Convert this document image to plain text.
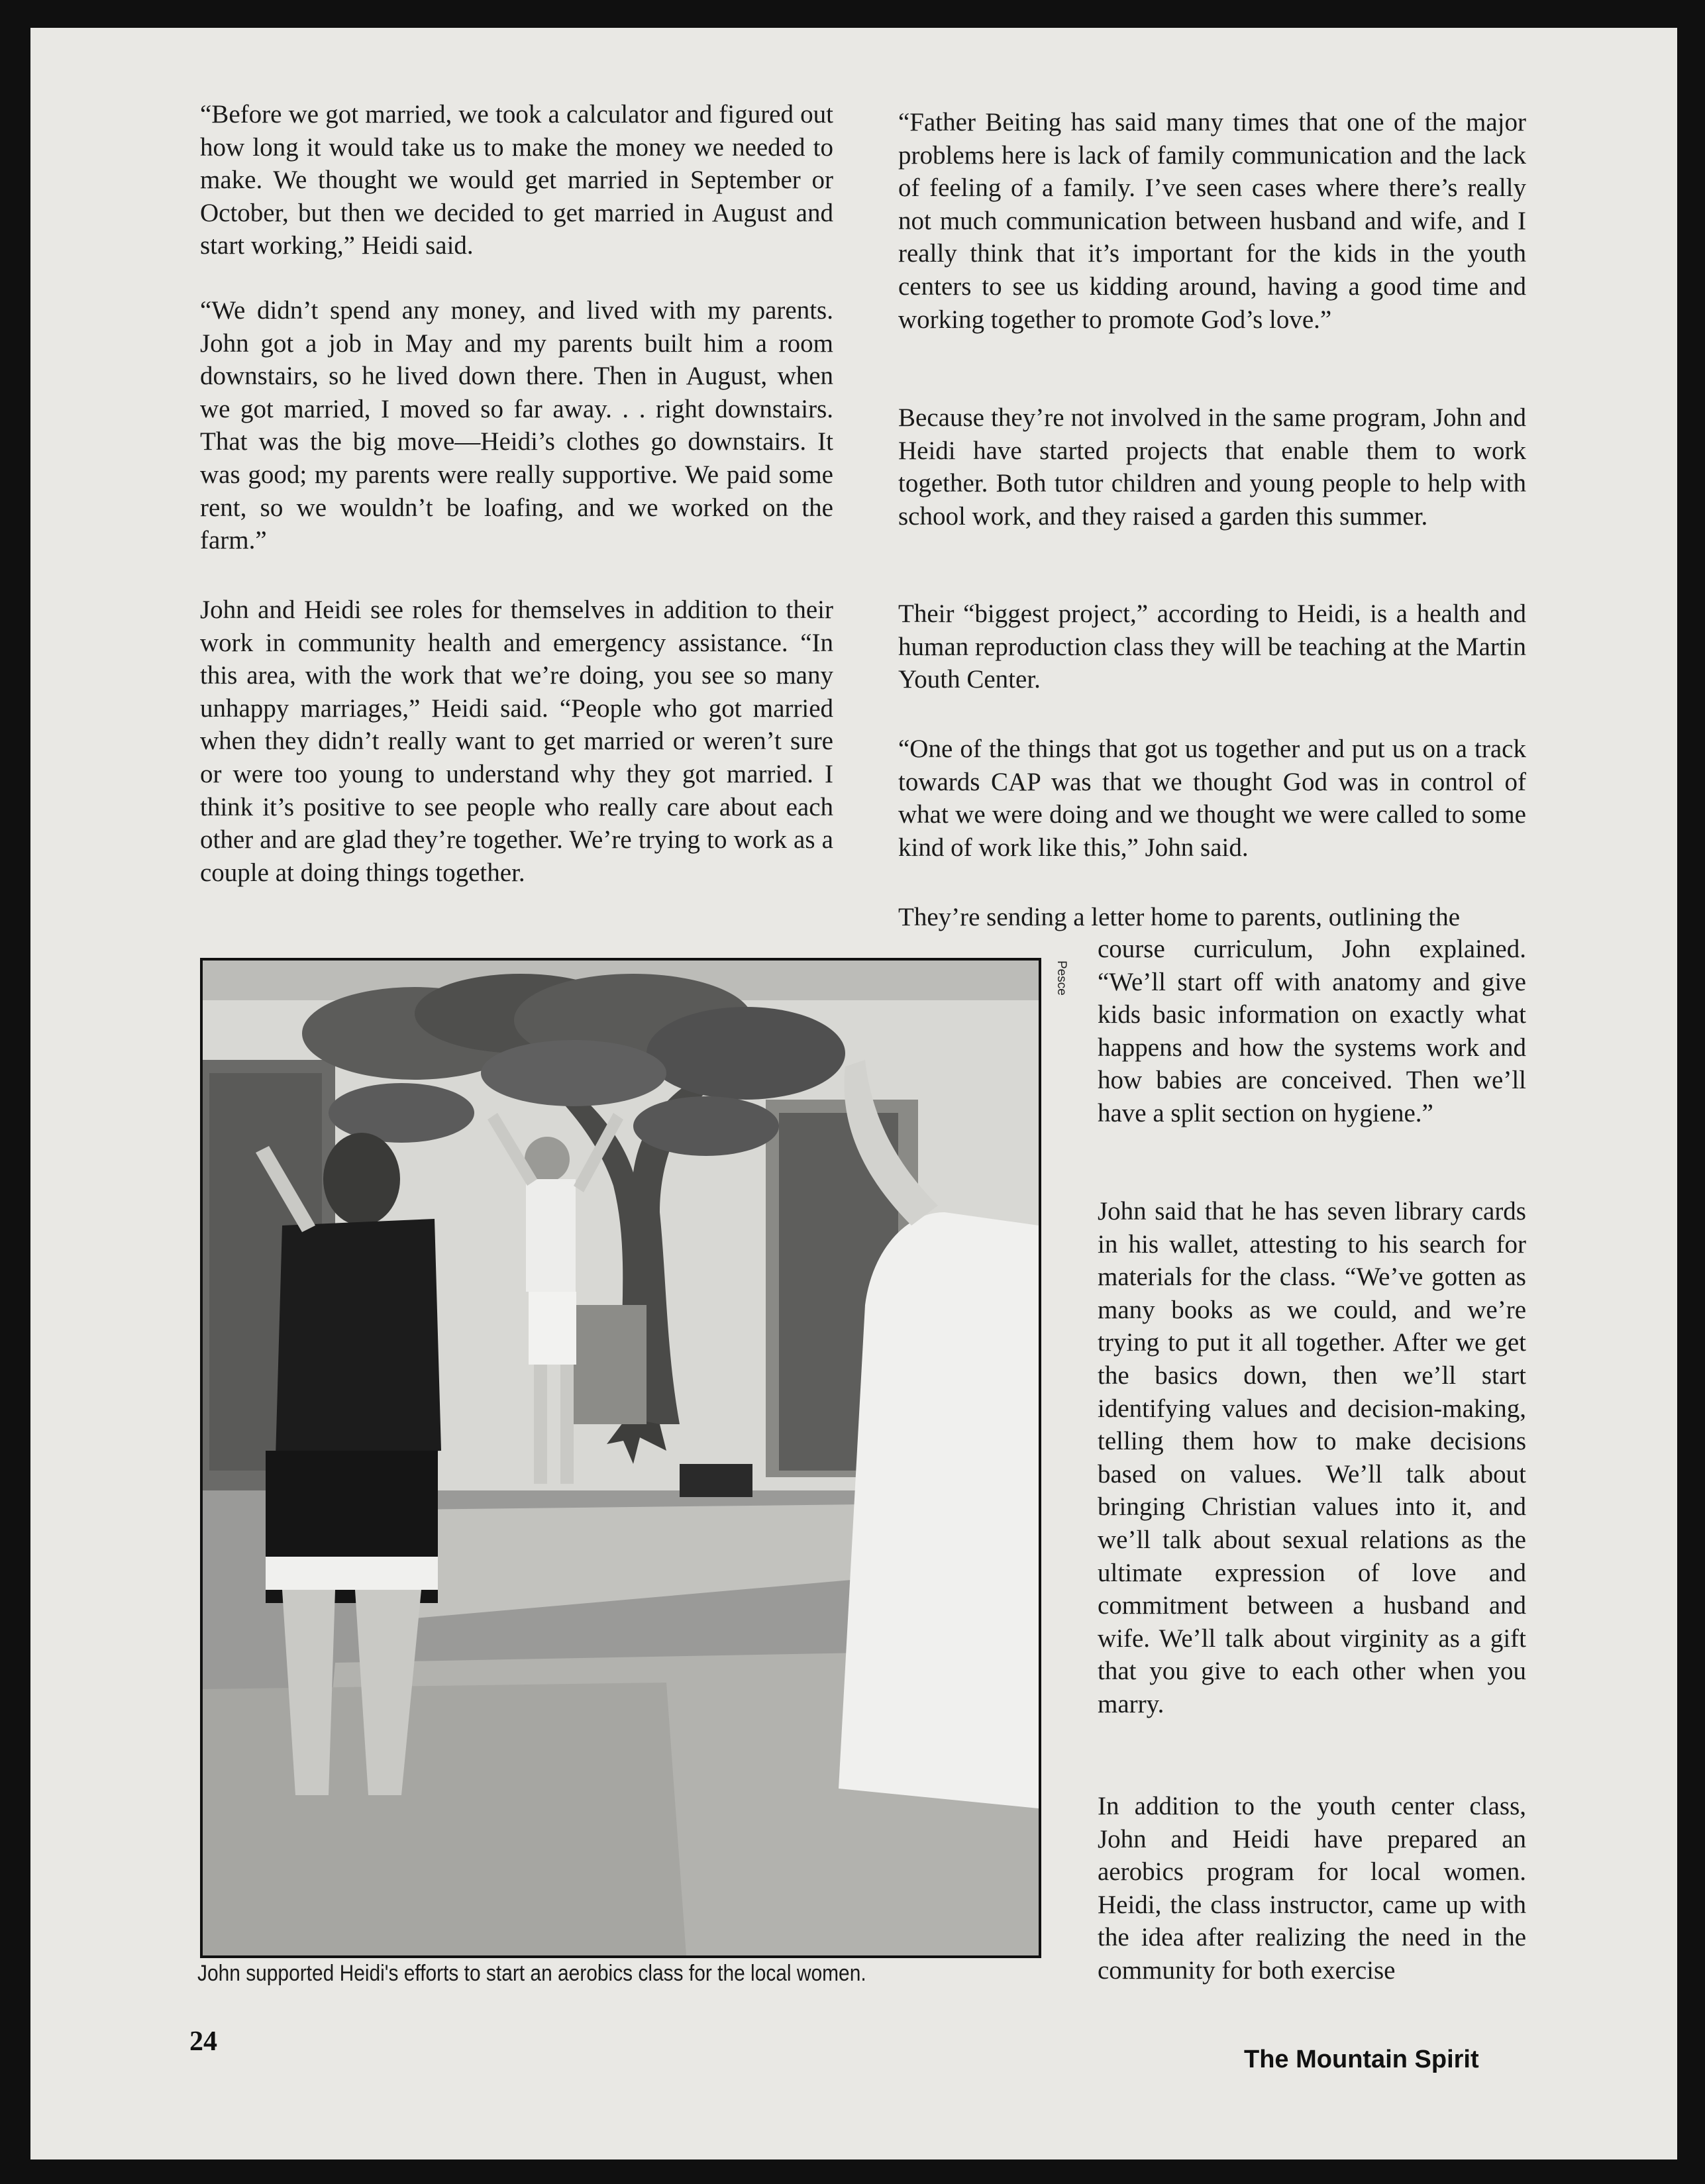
“Before we got married, we took a calculator and figured out how long it would take us to make the money we needed to make. We thought we would get married in September or October, but then we decided to get married in August and start working,” Heidi said.

“We didn’t spend any money, and lived with my parents. John got a job in May and my parents built him a room downstairs, so he lived down there. Then in August, when we got married, I moved so far away. . . right downstairs. That was the big move—Heidi’s clothes go downstairs. It was good; my parents were really supportive. We paid some rent, so we wouldn’t be loafing, and we worked on the farm.”

John and Heidi see roles for themselves in addition to their work in community health and emergency assistance. “In this area, with the work that we’re doing, you see so many unhappy marriages,” Heidi said. “People who got married when they didn’t really want to get married or weren’t sure or were too young to understand why they got married. I think it’s positive to see people who really care about each other and are glad they’re together. We’re trying to work as a couple at doing things together.

“Father Beiting has said many times that one of the major problems here is lack of family communication and the lack of feeling of a family. I’ve seen cases where there’s really not much communication between husband and wife, and I really think that it’s important for the kids in the youth centers to see us kidding around, having a good time and working together to promote God’s love.”

Because they’re not involved in the same program, John and Heidi have started projects that enable them to work together. Both tutor children and young people to help with school work, and they raised a garden this summer.

Their “biggest project,” according to Heidi, is a health and human reproduction class they will be teaching at the Martin Youth Center.

“One of the things that got us together and put us on a track towards CAP was that we thought God was in control of what we were doing and we thought we were called to some kind of work like this,” John said.

They’re sending a letter home to parents, outlining the

course curriculum, John explained. “We’ll start off with anatomy and give kids basic information on exactly what happens and how the systems work and how babies are conceived. Then we’ll have a split section on hygiene.”

John said that he has seven library cards in his wallet, attesting to his search for materials for the class. “We’ve gotten as many books as we could, and we’re trying to put it all together. After we get the basics down, then we’ll start identifying values and decision-making, telling them how to make decisions based on values. We’ll talk about bringing Christian values into it, and we’ll talk about sexual relations as the ultimate expression of love and commitment between a husband and wife. We’ll talk about virginity as a gift that you give to each other when you marry.

In addition to the youth center class, John and Heidi have prepared an aerobics program for local women. Heidi, the class instructor, came up with the idea after realizing the need in the community for both exercise

Pesce

John supported Heidi's efforts to start an aerobics class for the local women.

24

The Mountain Spirit
